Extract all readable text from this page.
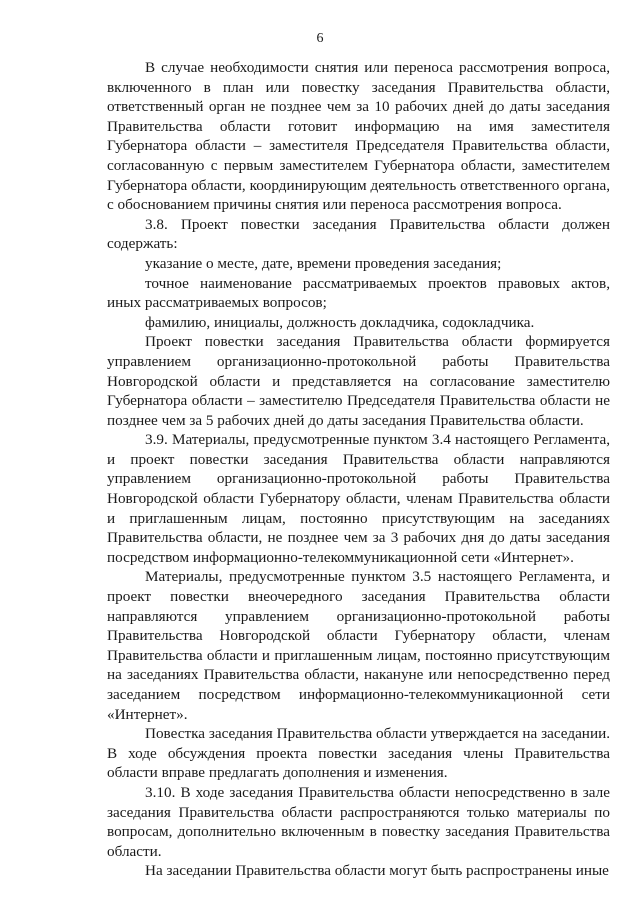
6

В случае необходимости снятия или переноса рассмотрения вопроса, включенного в план или повестку заседания Правительства области, ответственный орган не позднее чем за 10 рабочих дней до даты заседания Правительства области готовит информацию на имя заместителя Губернатора области – заместителя Председателя Правительства области, согласованную с первым заместителем Губернатора области, заместителем Губернатора области, координирующим деятельность ответственного органа, с обоснованием причины снятия или переноса рассмотрения вопроса.

3.8. Проект повестки заседания Правительства области должен содержать:

указание о месте, дате, времени проведения заседания;

точное наименование рассматриваемых проектов правовых актов, иных рассматриваемых вопросов;

фамилию, инициалы, должность докладчика, содокладчика.

Проект повестки заседания Правительства области формируется управлением организационно-протокольной работы Правительства Новгородской области и представляется на согласование заместителю Губернатора области – заместителю Председателя Правительства области не позднее чем за 5 рабочих дней до даты заседания Правительства области.

3.9. Материалы, предусмотренные пунктом 3.4 настоящего Регламента, и проект повестки заседания Правительства области направляются управлением организационно-протокольной работы Правительства Новгородской области Губернатору области, членам Правительства области и приглашенным лицам, постоянно присутствующим на заседаниях Правительства области, не позднее чем за 3 рабочих дня до даты заседания посредством информационно-телекоммуникационной сети «Интернет».

Материалы, предусмотренные пунктом 3.5 настоящего Регламента, и проект повестки внеочередного заседания Правительства области направляются управлением организационно-протокольной работы Правительства Новгородской области Губернатору области, членам Правительства области и приглашенным лицам, постоянно присутствующим на заседаниях Правительства области, накануне или непосредственно перед заседанием посредством информационно-телекоммуникационной сети «Интернет».

Повестка заседания Правительства области утверждается на заседании. В ходе обсуждения проекта повестки заседания члены Правительства области вправе предлагать дополнения и изменения.

3.10. В ходе заседания Правительства области непосредственно в зале заседания Правительства области распространяются только материалы по вопросам, дополнительно включенным в повестку заседания Правительства области.

На заседании Правительства области могут быть распространены иные
